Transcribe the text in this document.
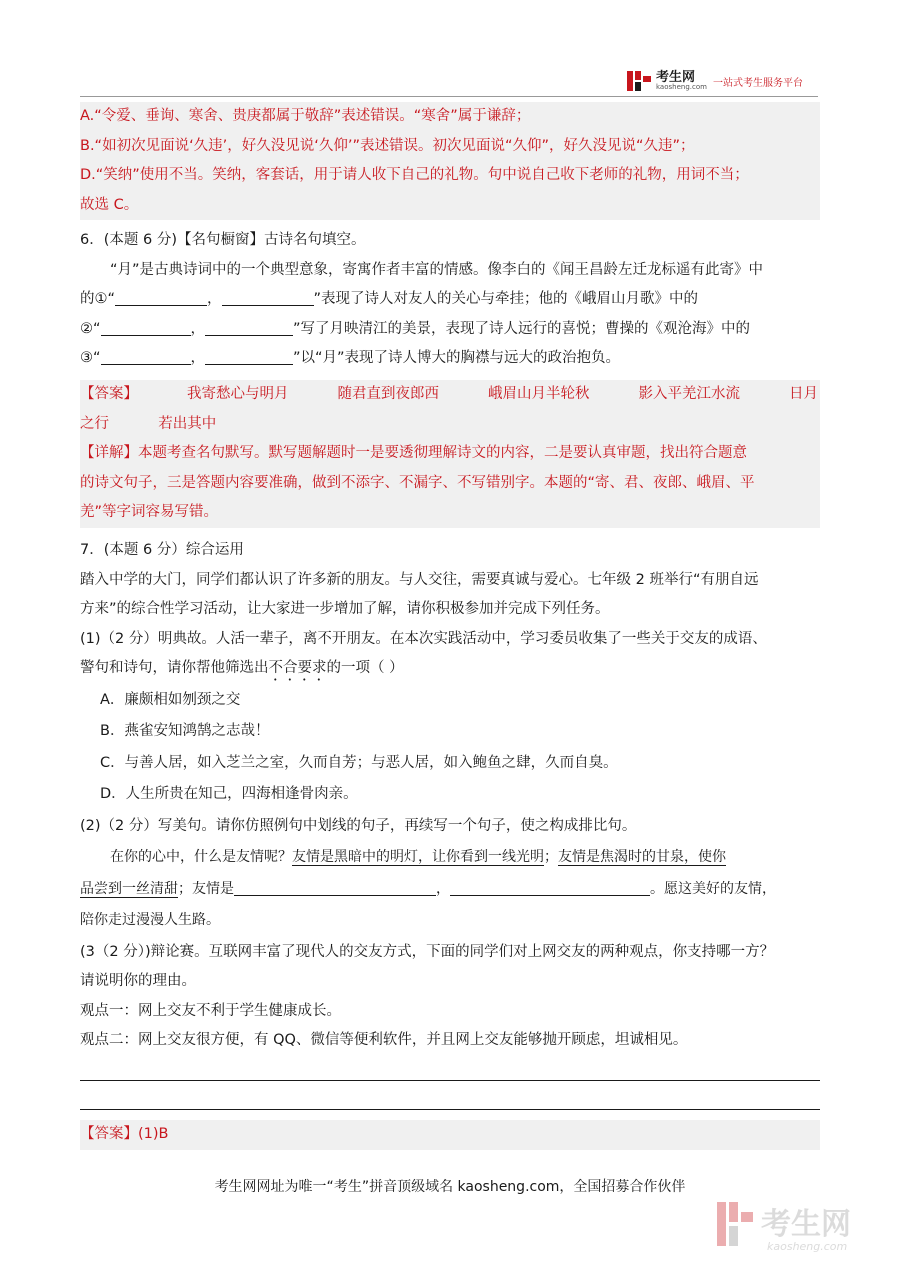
考生网
kaosheng.com 一站式考生服务平台
A.“令爱、垂询、寒舍、贵庚都属于敬辞”表述错误。“寒舍”属于谦辞；
B.“如初次见面说‘久违’，好久没见说‘久仰’”表述错误。初次见面说“久仰”，好久没见说“久违”；
D.“笑纳”使用不当。笑纳，客套话，用于请人收下自己的礼物。句中说自己收下老师的礼物，用词不当；
故选 C。
6．(本题 6 分)【名句橱窗】古诗名句填空。
“月”是古典诗词中的一个典型意象，寄寓作者丰富的情感。像李白的《闻王昌龄左迁龙标遥有此寄》中
的①“	，	”表现了诗人对友人的关心与牵挂；他的《峨眉山月歌》中的
②“	，	”写了月映清江的美景，表现了诗人远行的喜悦；曹操的《观沧海》中的
③“	，	”以“月”表现了诗人博大的胸襟与远大的政治抱负。
【答案】	我寄愁心与明月	随君直到夜郎西	峨眉山月半轮秋	影入平羌江水流	日月
之行	若出其中
【详解】本题考查名句默写。默写题解题时一是要透彻理解诗文的内容，二是要认真审题，找出符合题意
的诗文句子，三是答题内容要准确，做到不添字、不漏字、不写错别字。本题的“寄、君、夜郎、峨眉、平
羌”等字词容易写错。
7．(本题 6 分）综合运用
踏入中学的大门，同学们都认识了许多新的朋友。与人交往，需要真诚与爱心。七年级 2 班举行“有朋自远
方来”的综合性学习活动，让大家进一步增加了解，请你积极参加并完成下列任务。
(1)（2 分）明典故。人活一辈子，离不开朋友。在本次实践活动中，学习委员收集了一些关于交友的成语、
警句和诗句，请你帮他筛选出不合要求的一项（ ）
A．廉颇相如刎颈之交
B．燕雀安知鸿鹄之志哉！
C．与善人居，如入芝兰之室，久而自芳；与恶人居，如入鲍鱼之肆，久而自臭。
D．人生所贵在知己，四海相逢骨肉亲。
(2)（2 分）写美句。请你仿照例句中划线的句子，再续写一个句子，使之构成排比句。
在你的心中，什么是友情呢？友情是黑暗中的明灯，让你看到一线光明；友情是焦渴时的甘泉，使你
品尝到一丝清甜；友情是	，	。愿这美好的友情，
陪你走过漫漫人生路。
(3（2 分）)辩论赛。互联网丰富了现代人的交友方式，下面的同学们对上网交友的两种观点，你支持哪一方？
请说明你的理由。
观点一：网上交友不利于学生健康成长。
观点二：网上交友很方便，有 QQ、微信等便利软件，并且网上交友能够抛开顾虑，坦诚相见。
【答案】(1)B
考生网网址为唯一“考生”拼音顶级域名 kaosheng.com，全国招募合作伙伴
考生网
kaosheng.com
